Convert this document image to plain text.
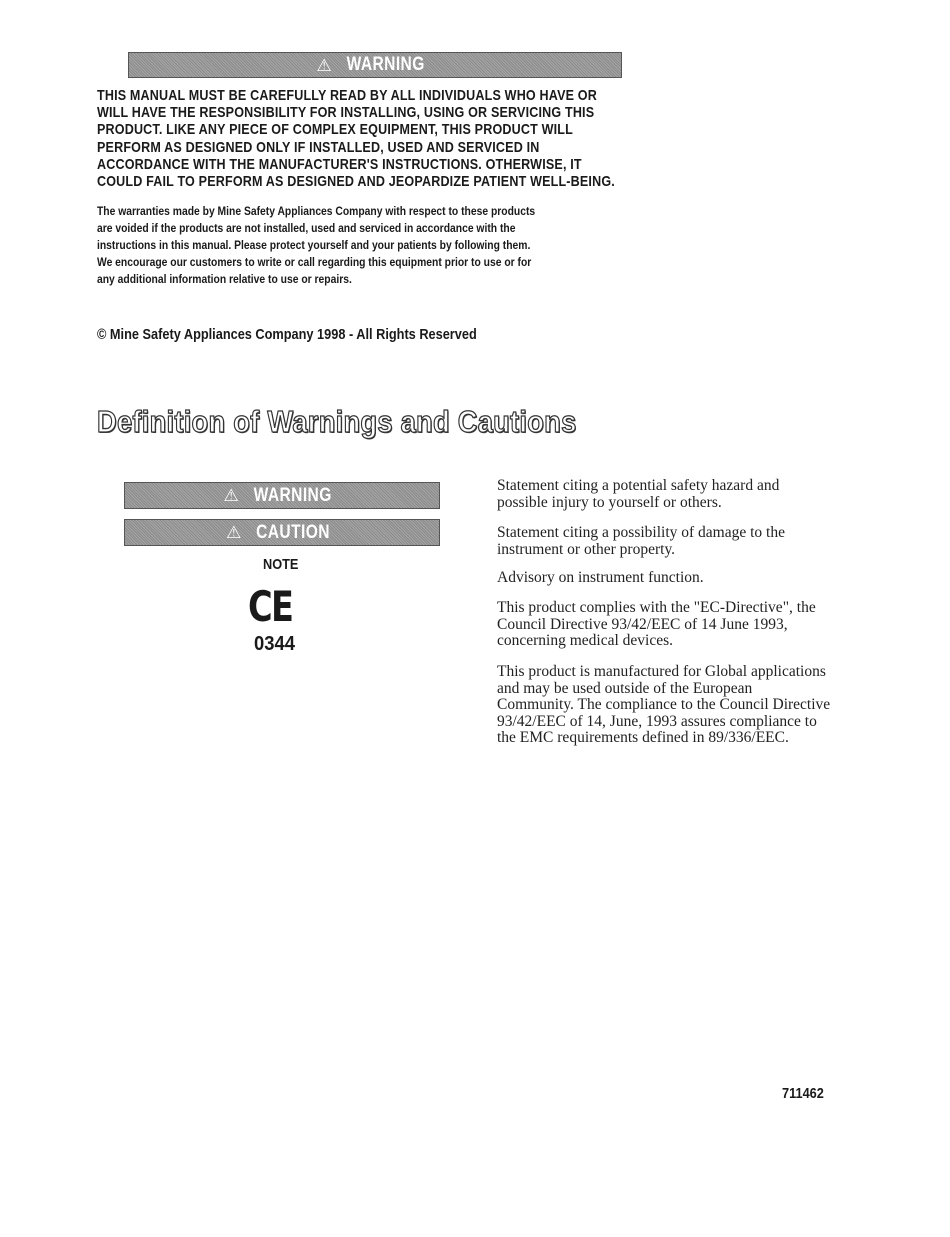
⚠ WARNING
THIS MANUAL MUST BE CAREFULLY READ BY ALL INDIVIDUALS WHO HAVE OR
WILL HAVE THE RESPONSIBILITY FOR INSTALLING, USING OR SERVICING THIS
PRODUCT. LIKE ANY PIECE OF COMPLEX EQUIPMENT, THIS PRODUCT WILL
PERFORM AS DESIGNED ONLY IF INSTALLED, USED AND SERVICED IN
ACCORDANCE WITH THE MANUFACTURER'S INSTRUCTIONS. OTHERWISE, IT
COULD FAIL TO PERFORM AS DESIGNED AND JEOPARDIZE PATIENT WELL-BEING.
The warranties made by Mine Safety Appliances Company with respect to these products
are voided if the products are not installed, used and serviced in accordance with the
instructions in this manual. Please protect yourself and your patients by following them.
We encourage our customers to write or call regarding this equipment prior to use or for
any additional information relative to use or repairs.
© Mine Safety Appliances Company 1998 - All Rights Reserved
Definition of Warnings and Cautions
⚠ WARNING
⚠ CAUTION
NOTE
CE
0344
Statement citing a potential safety hazard and
possible injury to yourself or others.
Statement citing a possibility of damage to the
instrument or other property.
Advisory on instrument function.
This product complies with the "EC-Directive", the
Council Directive 93/42/EEC of 14 June 1993,
concerning medical devices.
This product is manufactured for Global applications
and may be used outside of the European
Community. The compliance to the Council Directive
93/42/EEC of 14, June, 1993 assures compliance to
the EMC requirements defined in 89/336/EEC.
711462
